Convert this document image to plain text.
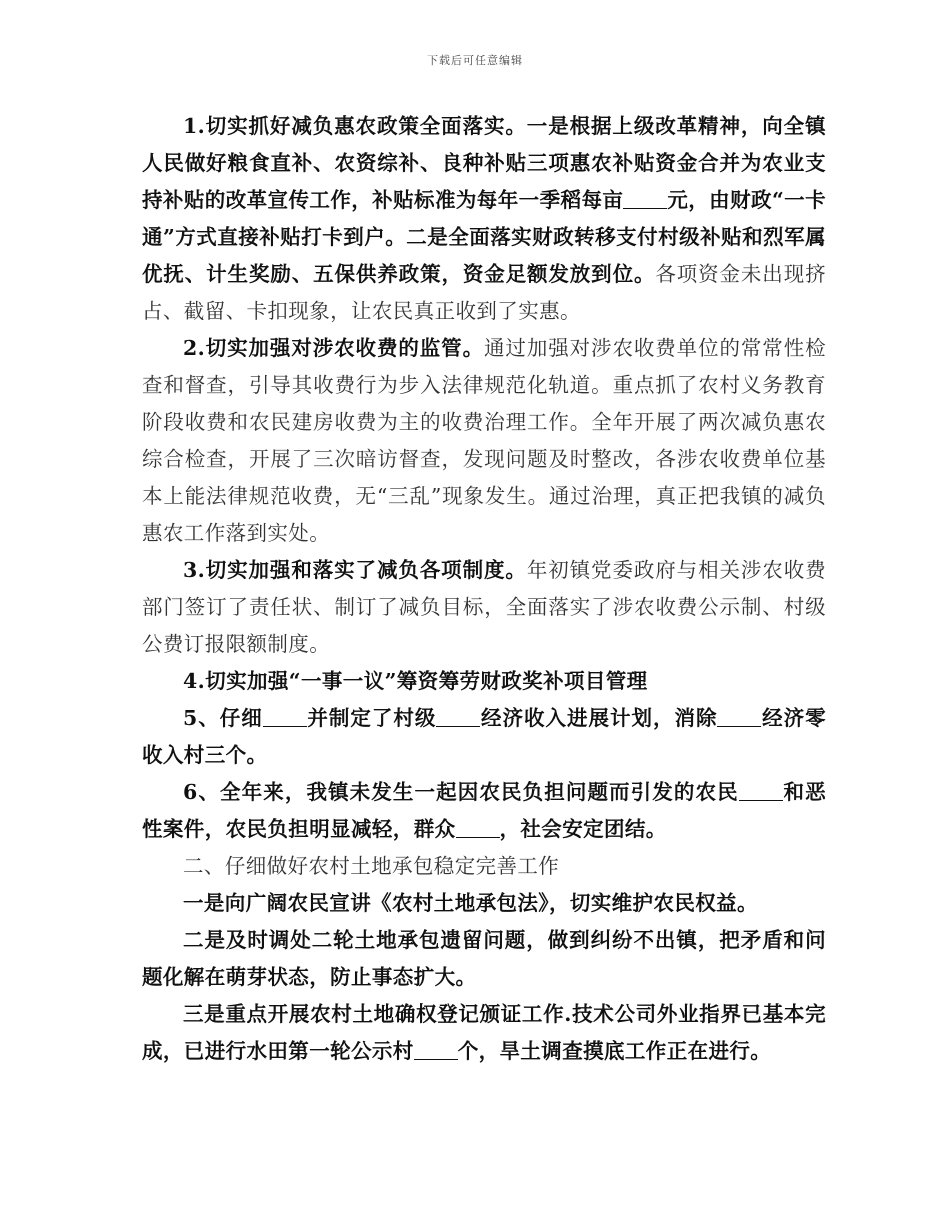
下载后可任意编辑

1.切实抓好减负惠农政策全面落实。一是根据上级改革精神，向全镇人民做好粮食直补、农资综补、良种补贴三项惠农补贴资金合并为农业支持补贴的改革宣传工作，补贴标准为每年一季稻每亩 元，由财政“一卡通”方式直接补贴打卡到户。二是全面落实财政转移支付村级补贴和烈军属优抚、计生奖励、五保供养政策，资金足额发放到位。各项资金未出现挤占、截留、卡扣现象，让农民真正收到了实惠。

2.切实加强对涉农收费的监管。通过加强对涉农收费单位的常常性检查和督查，引导其收费行为步入法律规范化轨道。重点抓了农村义务教育阶段收费和农民建房收费为主的收费治理工作。全年开展了两次减负惠农综合检查，开展了三次暗访督查，发现问题及时整改，各涉农收费单位基本上能法律规范收费，无“三乱”现象发生。通过治理，真正把我镇的减负惠农工作落到实处。

3.切实加强和落实了减负各项制度。年初镇党委政府与相关涉农收费部门签订了责任状、制订了减负目标，全面落实了涉农收费公示制、村级公费订报限额制度。

4.切实加强“一事一议”筹资筹劳财政奖补项目管理

5、仔细 并制定了村级 经济收入进展计划，消除 经济零收入村三个。

6、全年来，我镇未发生一起因农民负担问题而引发的农民 和恶性案件，农民负担明显减轻，群众 ，社会安定团结。

二、仔细做好农村土地承包稳定完善工作

一是向广阔农民宣讲《农村土地承包法》，切实维护农民权益。

二是及时调处二轮土地承包遗留问题，做到纠纷不出镇，把矛盾和问题化解在萌芽状态，防止事态扩大。

三是重点开展农村土地确权登记颁证工作.技术公司外业指界已基本完成，已进行水田第一轮公示村 个，旱土调查摸底工作正在进行。
